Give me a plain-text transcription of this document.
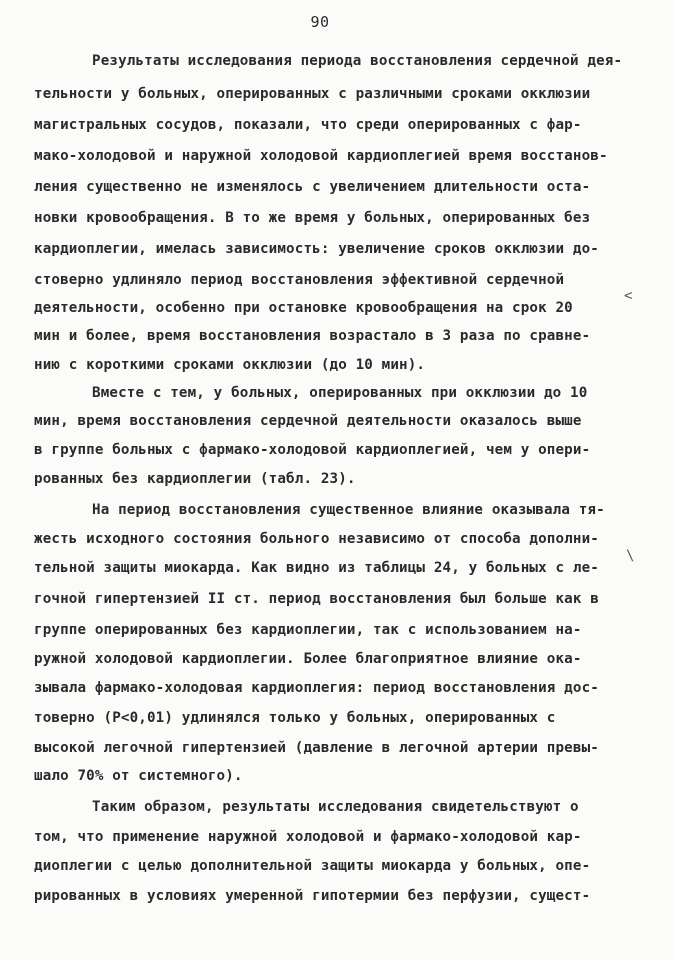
90
Результаты исследования периода восстановления сердечной дея-
тельности у больных, оперированных с различными сроками окклюзии
магистральных сосудов, показали, что среди оперированных с фар-
мако-холодовой и наружной холодовой кардиоплегией время восстанов-
ления существенно не изменялось с увеличением длительности оста-
новки кровообращения. В то же время у больных, оперированных без
кардиоплегии, имелась зависимость: увеличение сроков окклюзии до-
стоверно удлиняло период восстановления эффективной сердечной
деятельности, особенно при остановке кровообращения на срок 20
мин и более, время восстановления возрастало в 3 раза по сравне-
нию с короткими сроками окклюзии (до 10 мин).
Вместе с тем, у больных, оперированных при окклюзии до 10
мин, время восстановления сердечной деятельности оказалось выше
в группе больных с фармако-холодовой кардиоплегией, чем у опери-
рованных без кардиоплегии (табл. 23).
На период восстановления существенное влияние оказывала тя-
жесть исходного состояния больного независимо от способа дополни-
тельной защиты миокарда. Как видно из таблицы 24, у больных с ле-
гочной гипертензией II ст. период восстановления был больше как в
группе оперированных без кардиоплегии, так с использованием на-
ружной холодовой кардиоплегии. Более благоприятное влияние ока-
зывала фармако-холодовая кардиоплегия: период восстановления дос-
товерно (P<0,01) удлинялся только у больных, оперированных с
высокой легочной гипертензией (давление в легочной артерии превы-
шало 70% от системного).
Таким образом, результаты исследования свидетельствуют о
том, что применение наружной холодовой и фармако-холодовой кар-
диоплегии с целью дополнительной защиты миокарда у больных, опе-
рированных в условиях умеренной гипотермии без перфузии, сущест-
<
\
